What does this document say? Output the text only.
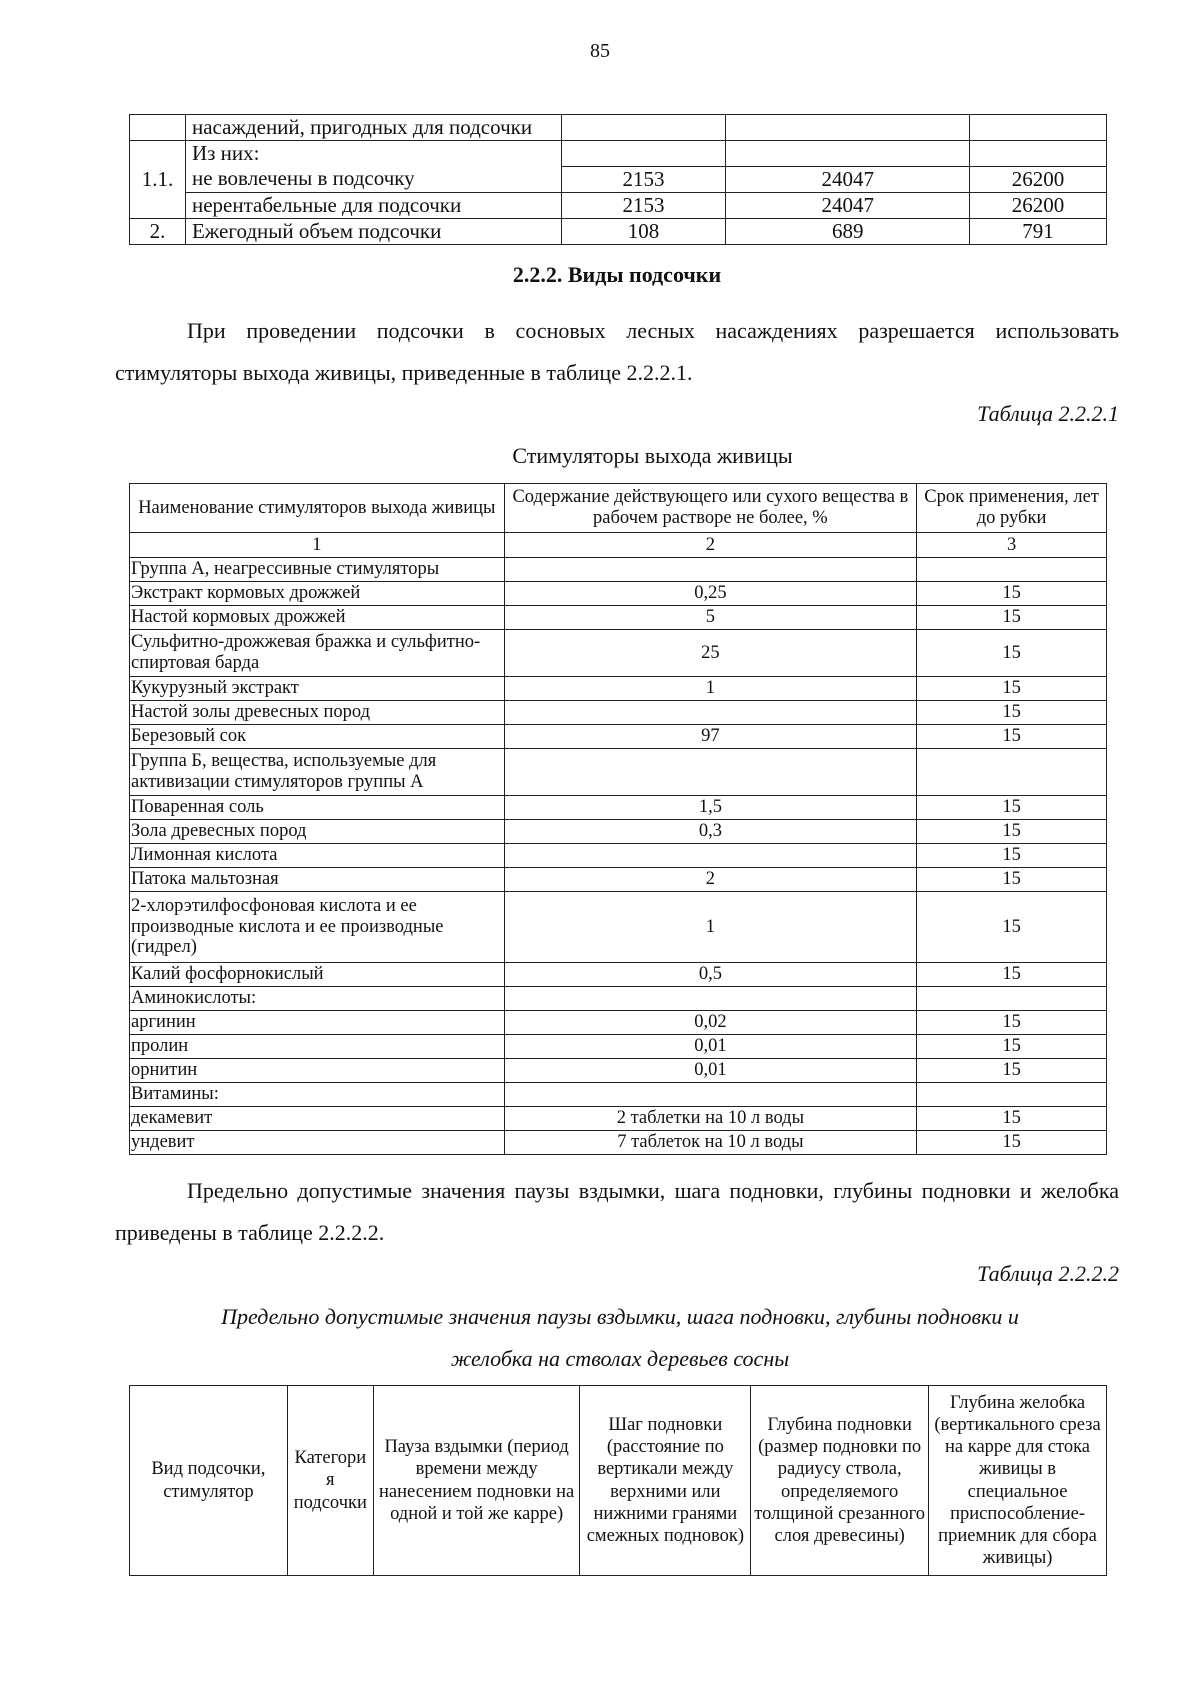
85
	насаждений, пригодных для подсочки			
1.1.	Из них:			
	не вовлечены в подсочку	2153	24047	26200
	нерентабельные для подсочки	2153	24047	26200
2.	Ежегодный объем подсочки	108	689	791
2.2.2. Виды подсочки
При проведении подсочки в сосновых лесных насаждениях разрешается использовать стимуляторы выхода живицы, приведенные в таблице 2.2.2.1.
Таблица 2.2.2.1
Стимуляторы выхода живицы
Наименование стимуляторов выхода живицы	Содержание действующего или сухого вещества в рабочем растворе не более, %	Срок применения, лет до рубки
1	2	3
Группа А, неагрессивные стимуляторы		
Экстракт кормовых дрожжей	0,25	15
Настой кормовых дрожжей	5	15
Сульфитно-дрожжевая бражка и сульфитно-спиртовая барда	25	15
Кукурузный экстракт	1	15
Настой золы древесных пород		15
Березовый сок	97	15
Группа Б, вещества, используемые для активизации стимуляторов группы А		
Поваренная соль	1,5	15
Зола древесных пород	0,3	15
Лимонная кислота		15
Патока мальтозная	2	15
2-хлорэтилфосфоновая кислота и ее производные кислота и ее производные (гидрел)	1	15
Калий фосфорнокислый	0,5	15
Аминокислоты:		
аргинин	0,02	15
пролин	0,01	15
орнитин	0,01	15
Витамины:		
декамевит	2 таблетки на 10 л воды	15
ундевит	7 таблеток на 10 л воды	15
Предельно допустимые значения паузы вздымки, шага подновки, глубины подновки и желобка приведены в таблице 2.2.2.2.
Таблица 2.2.2.2
Предельно допустимые значения паузы вздымки, шага подновки, глубины подновки и
желобка на стволах деревьев сосны
Вид подсочки, стимулятор	Категори я подсочки	Пауза вздымки (период времени между нанесением подновки на одной и той же карре)	Шаг подновки (расстояние по вертикали между верхними или нижними гранями смежных подновок)	Глубина подновки (размер подновки по радиусу ствола, определяемого толщиной срезанного слоя древесины)	Глубина желобка (вертикального среза на карре для стока живицы в специальное приспособление-приемник для сбора живицы)
